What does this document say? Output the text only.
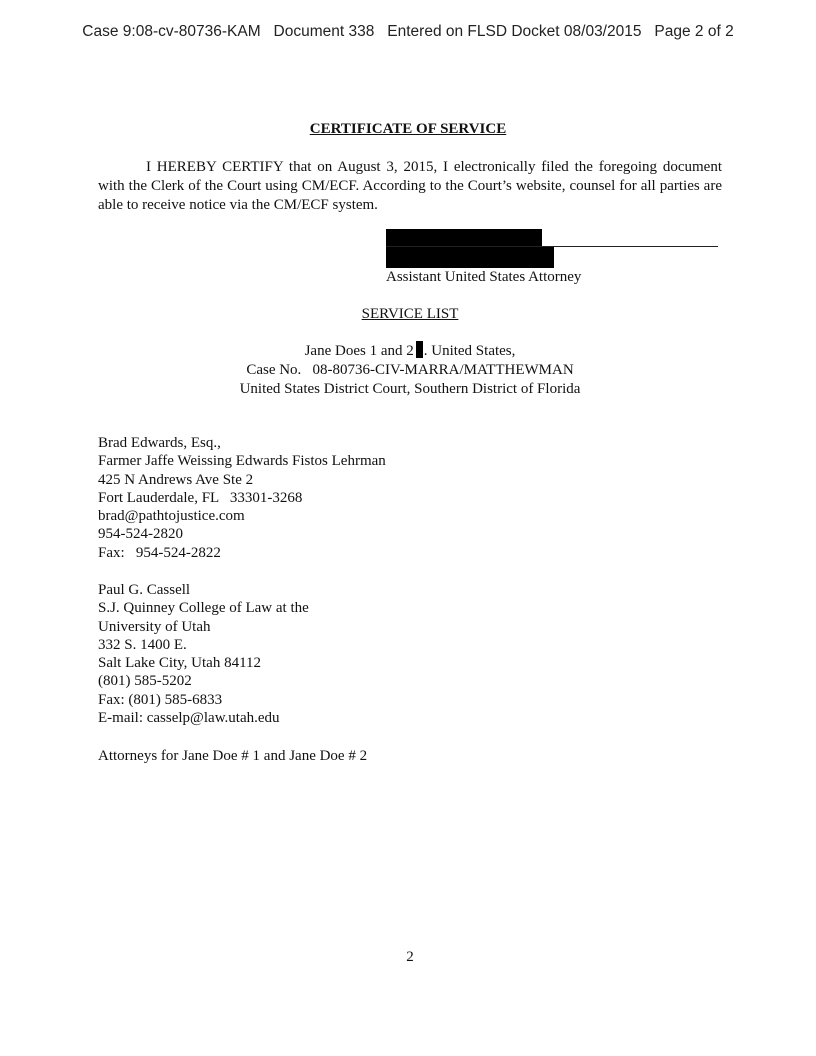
Case 9:08-cv-80736-KAM Document 338 Entered on FLSD Docket 08/03/2015 Page 2 of 2
CERTIFICATE OF SERVICE

I HEREBY CERTIFY that on August 3, 2015, I electronically filed the foregoing document with the Clerk of the Court using CM/ECF. According to the Court’s website, counsel for all parties are able to receive notice via the CM/ECF system.

Assistant United States Attorney
SERVICE LIST
Jane Does 1 and 2 . United States,
Case No.   08-80736-CIV-MARRA/MATTHEWMAN
United States District Court, Southern District of Florida
Brad Edwards, Esq.,
Farmer Jaffe Weissing Edwards Fistos Lehrman
425 N Andrews Ave Ste 2
Fort Lauderdale, FL   33301-3268
brad@pathtojustice.com
954-524-2820
Fax:   954-524-2822
Paul G. Cassell
S.J. Quinney College of Law at the
University of Utah
332 S. 1400 E.
Salt Lake City, Utah 84112
(801) 585-5202
Fax: (801) 585-6833
E-mail: casselp@law.utah.edu
Attorneys for Jane Doe # 1 and Jane Doe # 2
2
